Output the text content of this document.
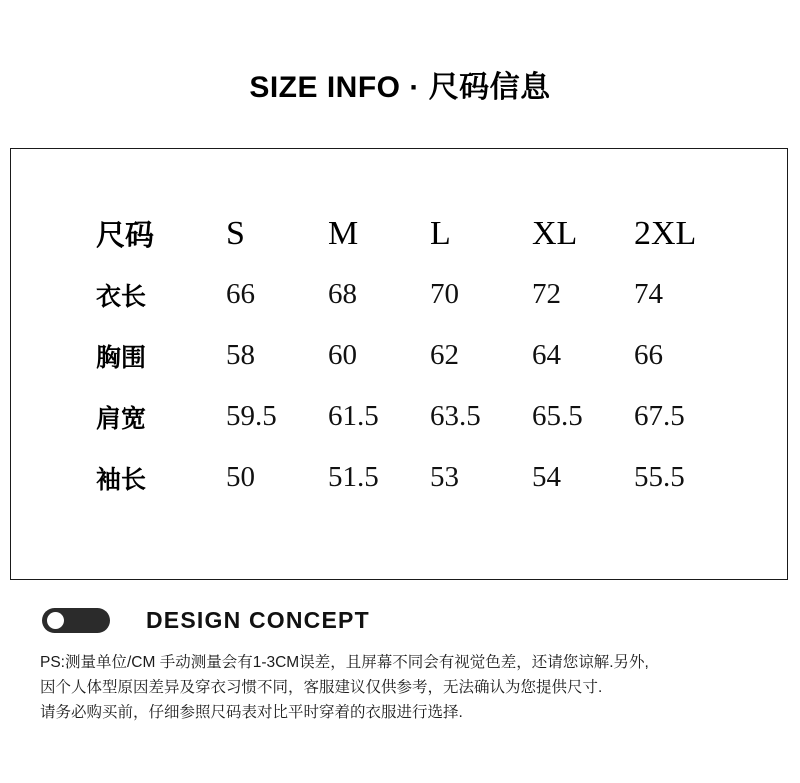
SIZE INFO · 尺码信息
尺码	S	M	L	XL	2XL
衣长	66	68	70	72	74
胸围	58	60	62	64	66
肩宽	59.5	61.5	63.5	65.5	67.5
袖长	50	51.5	53	54	55.5
DESIGN CONCEPT
PS:测量单位/CM 手动测量会有1-3CM误差，且屏幕不同会有视觉色差，还请您谅解.另外,
因个人体型原因差异及穿衣习惯不同，客服建议仅供参考，无法确认为您提供尺寸.
请务必购买前，仔细参照尺码表对比平时穿着的衣服进行选择.
